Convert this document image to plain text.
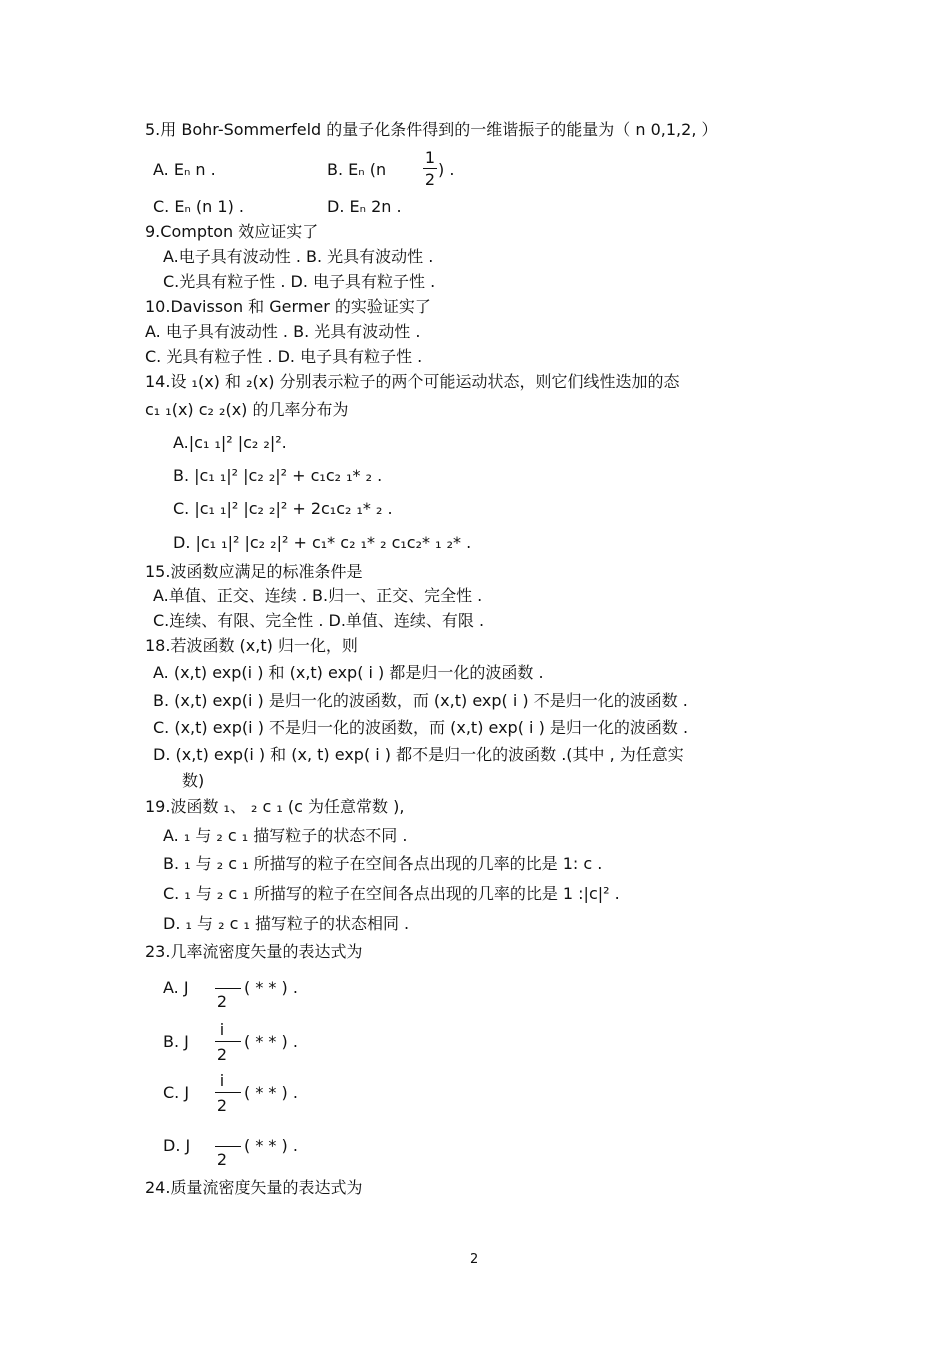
5.用 Bohr-Sommerfeld 的量子化条件得到的一维谐振子的能量为（ n 0,1,2, ）
A. Eₙ n .	B. Eₙ (n
1
2
) .
C. Eₙ (n 1) .	D. Eₙ 2n .
9.Compton 效应证实了
A.电子具有波动性 . B. 光具有波动性 .
C.光具有粒子性 . D. 电子具有粒子性 .
10.Davisson 和 Germer 的实验证实了
A. 电子具有波动性 . B. 光具有波动性 .
C. 光具有粒子性 . D. 电子具有粒子性 .
14.设 ₁(x) 和 ₂(x) 分别表示粒子的两个可能运动状态，则它们线性迭加的态
c₁ ₁(x) c₂ ₂(x) 的几率分布为
A.|c₁ ₁|² |c₂ ₂|².
B. |c₁ ₁|² |c₂ ₂|² + c₁c₂ ₁* ₂ .
C. |c₁ ₁|² |c₂ ₂|² + 2c₁c₂ ₁* ₂ .
D. |c₁ ₁|² |c₂ ₂|² + c₁* c₂ ₁* ₂ c₁c₂* ₁ ₂* .
15.波函数应满足的标准条件是
A.单值、正交、连续 . B.归一、正交、完全性 .
C.连续、有限、完全性 . D.单值、连续、有限 .
18.若波函数 (x,t) 归一化，则
A. (x,t) exp(i ) 和 (x,t) exp( i ) 都是归一化的波函数 .
B. (x,t) exp(i ) 是归一化的波函数，而 (x,t) exp( i ) 不是归一化的波函数 .
C. (x,t) exp(i ) 不是归一化的波函数，而 (x,t) exp( i ) 是归一化的波函数 .
D. (x,t) exp(i ) 和 (x, t) exp( i ) 都不是归一化的波函数 .(其中 , 为任意实
数)
19.波函数 ₁、 ₂ c ₁ (c 为任意常数 ),
A. ₁ 与 ₂ c ₁ 描写粒子的状态不同 .
B. ₁ 与 ₂ c ₁ 所描写的粒子在空间各点出现的几率的比是 1: c .
C. ₁ 与 ₂ c ₁ 所描写的粒子在空间各点出现的几率的比是 1 :|c|² .
D. ₁ 与 ₂ c ₁ 描写粒子的状态相同 .
23.几率流密度矢量的表达式为
A. J
2
( * * ) .
B. J
i
2
( * * ) .
C. J
i
2
( * * ) .
D. J
2
( * * ) .
24.质量流密度矢量的表达式为
2
